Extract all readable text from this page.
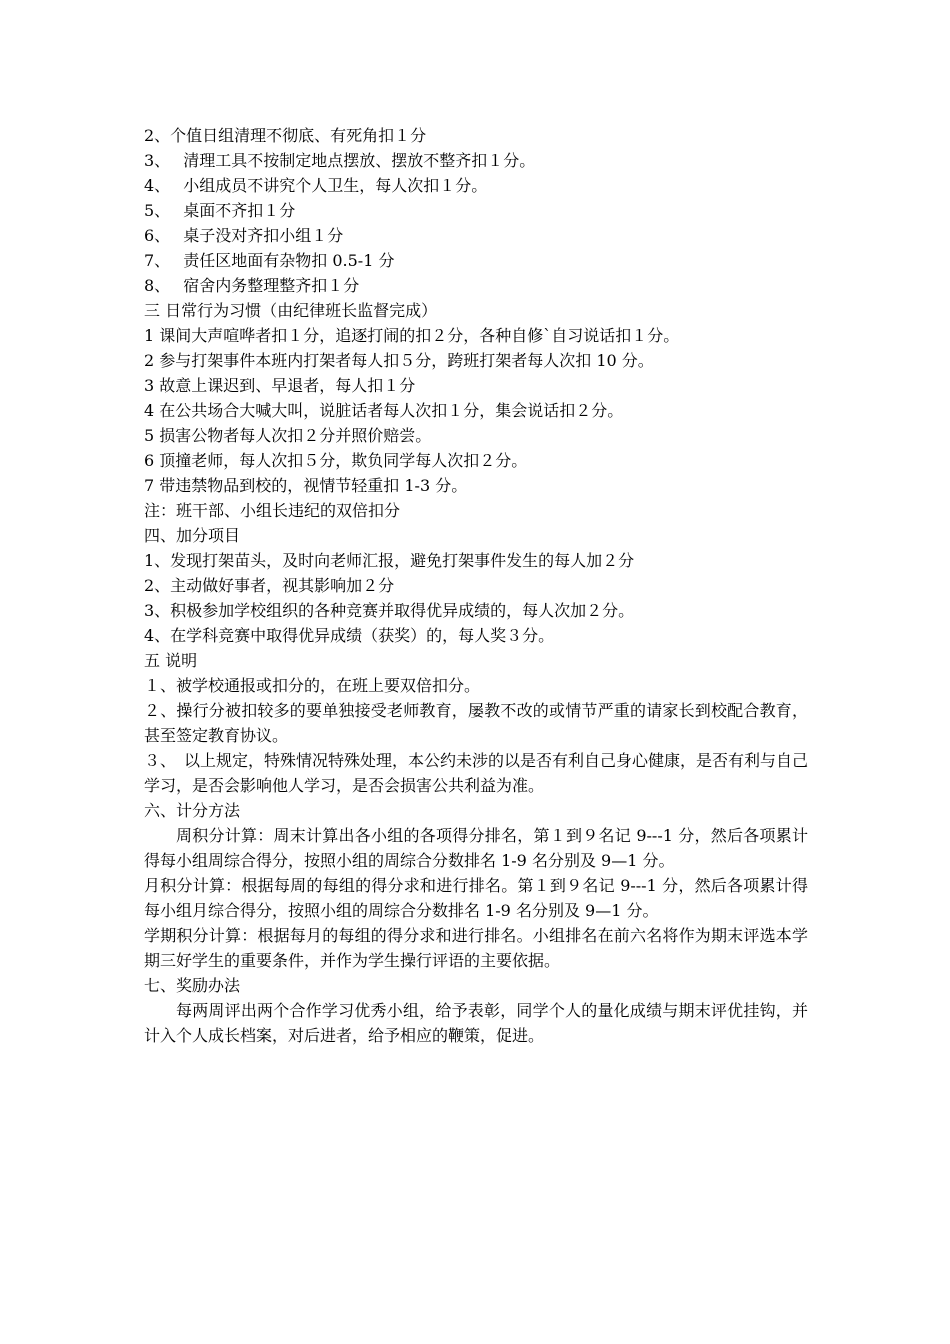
2、个值日组清理不彻底、有死角扣１分
3、　 清理工具不按制定地点摆放、摆放不整齐扣１分。
4、　 小组成员不讲究个人卫生，每人次扣１分。
5、　 桌面不齐扣１分
6、　 桌子没对齐扣小组１分
7、　 责任区地面有杂物扣 0.5-1 分
8、　 宿舍内务整理整齐扣１分
三 日常行为习惯（由纪律班长监督完成）
1 课间大声喧哗者扣１分，追逐打闹的扣２分，各种自修`自习说话扣１分。
2 参与打架事件本班内打架者每人扣５分，跨班打架者每人次扣 10 分。
3 故意上课迟到、早退者，每人扣１分
4 在公共场合大喊大叫，说脏话者每人次扣１分，集会说话扣２分。
5 损害公物者每人次扣２分并照价赔尝。
6 顶撞老师，每人次扣５分，欺负同学每人次扣２分。
7 带违禁物品到校的，视情节轻重扣 1-3 分。
注：班干部、小组长违纪的双倍扣分
四、加分项目
1、发现打架苗头，及时向老师汇报，避免打架事件发生的每人加２分
2、主动做好事者，视其影响加２分
3、积极参加学校组织的各种竞赛并取得优异成绩的，每人次加２分。
4、在学科竞赛中取得优异成绩（获奖）的，每人奖３分。
五 说明
１、被学校通报或扣分的，在班上要双倍扣分。
２、操行分被扣较多的要单独接受老师教育，屡教不改的或情节严重的请家长到校配合教育，甚至签定教育协议。
３、　以上规定，特殊情况特殊处理，本公约未涉的以是否有利自己身心健康，是否有利与自己学习，是否会影响他人学习，是否会损害公共利益为准。
六、计分方法
周积分计算：周末计算出各小组的各项得分排名，第１到９名记 9---1 分，然后各项累计得每小组周综合得分，按照小组的周综合分数排名 1-9 名分别及 9—1 分。
月积分计算：根据每周的每组的得分求和进行排名。第１到９名记 9---1 分，然后各项累计得每小组月综合得分，按照小组的周综合分数排名 1-9 名分别及 9—1 分。
学期积分计算：根据每月的每组的得分求和进行排名。小组排名在前六名将作为期末评选本学期三好学生的重要条件，并作为学生操行评语的主要依据。
七、奖励办法
每两周评出两个合作学习优秀小组，给予表彰，同学个人的量化成绩与期末评优挂钩，并计入个人成长档案，对后进者，给予相应的鞭策，促进。
